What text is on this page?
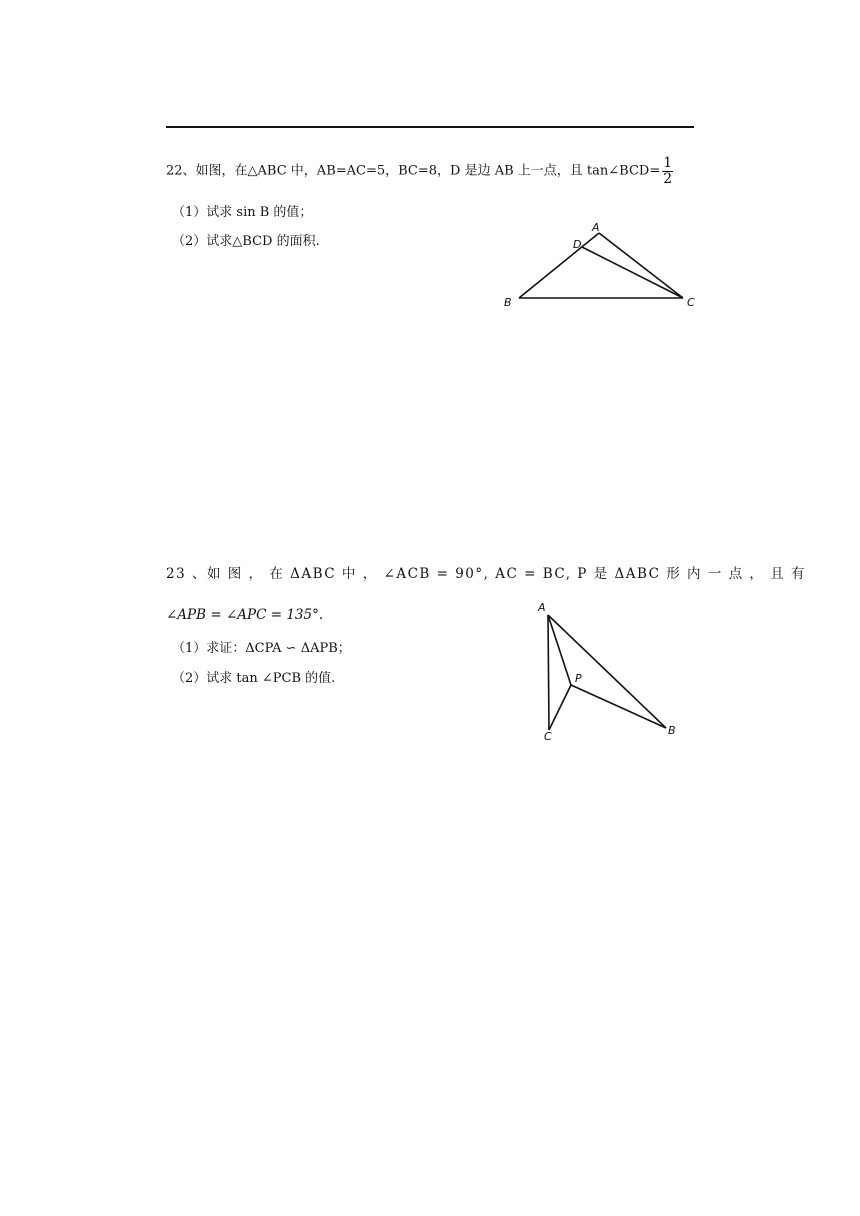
22、如图，在△ABC 中，AB=AC=5，BC=8，D 是边 AB 上一点，且 tan∠BCD= $\frac{1}{2}$
（1）试求 sin B 的值；
（2）试求△BCD 的面积.
A
B	C
D
23 、如 图 ， 在 ΔABC 中 ， ∠ACB = 90°, AC = BC, P 是 ΔABC 形 内 一 点 ， 且 有
∠APB = ∠APC = 135°.
（1）求证：ΔCPA ∽ ΔAPB；
（2）试求 tan ∠PCB 的值.
A
P
B
C
